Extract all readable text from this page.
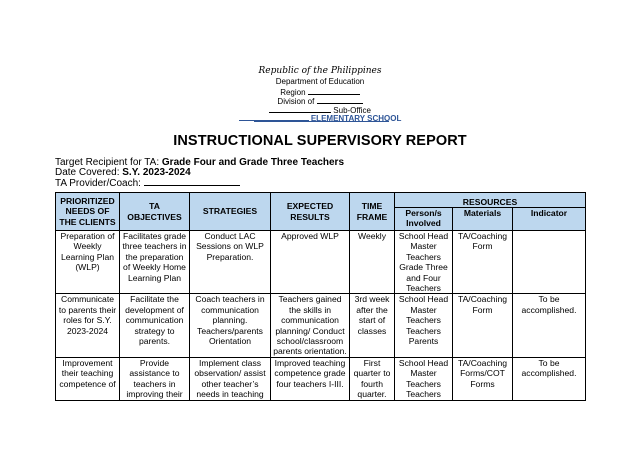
Republic of the Philippines
Department of Education
Region
Division of
Sub-Office
ELEMENTARY SCHOOL
INSTRUCTIONAL SUPERVISORY REPORT
Target Recipient for TA: Grade Four and Grade Three Teachers
Date Covered: S.Y. 2023-2024
TA Provider/Coach:
PRIORITIZED NEEDS OF THE CLIENTS	TA OBJECTIVES	STRATEGIES	EXPECTED RESULTS	TIME FRAME	RESOURCES		
					Person/s Involved	Materials	Indicator
Preparation of Weekly Learning Plan (WLP)	Facilitates grade three teachers in the preparation of Weekly Home Learning Plan	Conduct LAC Sessions on WLP Preparation.	Approved WLP	Weekly	School Head Master Teachers Grade Three and Four Teachers	TA/Coaching Form	
Communicate to parents their roles for S.Y. 2023-2024	Facilitate the development of communication strategy to parents.	Coach teachers in communication planning. Teachers/parents Orientation	Teachers gained the skills in communication planning/ Conduct school/classroom parents orientation.	3rd week after the start of classes	School Head Master Teachers Teachers Parents	TA/Coaching Form	To be accomplished.
Improvement their teaching competence of	Provide assistance to teachers in improving their	Implement class observation/ assist other teacher’s needs in teaching	Improved teaching competence grade four teachers I-III.	First quarter to fourth quarter.	School Head Master Teachers Teachers	TA/Coaching Forms/COT Forms	To be accomplished.
